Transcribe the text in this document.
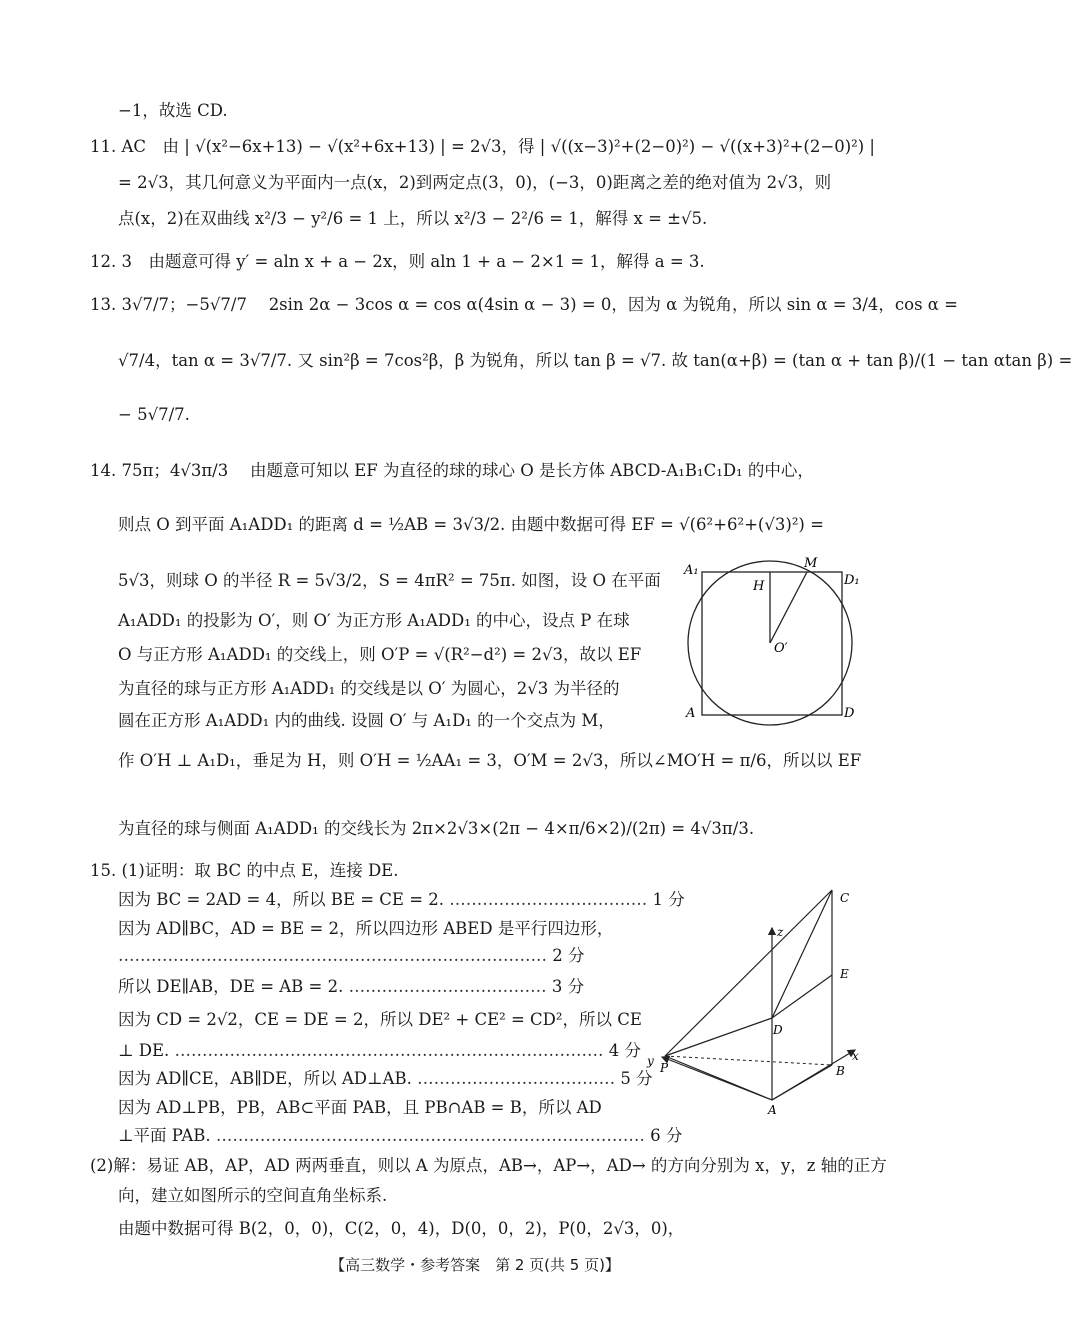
−1，故选 CD.
11. AC　由 | √(x²−6x+13) − √(x²+6x+13) | = 2√3，得 | √((x−3)²+(2−0)²) − √((x+3)²+(2−0)²) |
= 2√3，其几何意义为平面内一点(x，2)到两定点(3，0)，(−3，0)距离之差的绝对值为 2√3，则
点(x，2)在双曲线 x²/3 − y²/6 = 1 上，所以 x²/3 − 2²/6 = 1，解得 x = ±√5.
12. 3　由题意可得 y′ = aln x + a − 2x，则 aln 1 + a − 2×1 = 1，解得 a = 3.
13. 3√7/7；−5√7/7　 2sin 2α − 3cos α = cos α(4sin α − 3) = 0，因为 α 为锐角，所以 sin α = 3/4，cos α =
√7/4，tan α = 3√7/7. 又 sin²β = 7cos²β，β 为锐角，所以 tan β = √7. 故 tan(α+β) = (tan α + tan β)/(1 − tan αtan β) =
− 5√7/7.
14. 75π；4√3π/3　 由题意可知以 EF 为直径的球的球心 O 是长方体 ABCD-A₁B₁C₁D₁ 的中心，
则点 O 到平面 A₁ADD₁ 的距离 d = ½AB = 3√3/2. 由题中数据可得 EF = √(6²+6²+(√3)²) =
5√3，则球 O 的半径 R = 5√3/2，S = 4πR² = 75π. 如图，设 O 在平面
A₁ADD₁ 的投影为 O′，则 O′ 为正方形 A₁ADD₁ 的中心，设点 P 在球
O 与正方形 A₁ADD₁ 的交线上，则 O′P = √(R²−d²) = 2√3，故以 EF
为直径的球与正方形 A₁ADD₁ 的交线是以 O′ 为圆心，2√3 为半径的
圆在正方形 A₁ADD₁ 内的曲线. 设圆 O′ 与 A₁D₁ 的一个交点为 M，
作 O′H ⊥ A₁D₁，垂足为 H，则 O′H = ½AA₁ = 3，O′M = 2√3，所以∠MO′H = π/6，所以以 EF
为直径的球与侧面 A₁ADD₁ 的交线长为 2π×2√3×(2π − 4×π/6×2)/(2π) = 4√3π/3.
A₁	M
D₁
H
O′
A	D
15. (1)证明：取 BC 的中点 E，连接 DE.
因为 BC = 2AD = 4，所以 BE = CE = 2. ……………………………… 1 分
因为 AD∥BC，AD = BE = 2，所以四边形 ABED 是平行四边形，
…………………………………………………………………… 2 分
所以 DE∥AB，DE = AB = 2. ……………………………… 3 分
因为 CD = 2√2，CE = DE = 2，所以 DE² + CE² = CD²，所以 CE
⊥ DE. …………………………………………………………………… 4 分
因为 AD∥CE，AB∥DE，所以 AD⊥AB. ……………………………… 5 分
因为 AD⊥PB，PB，AB⊂平面 PAB，且 PB∩AB = B，所以 AD
⊥平面 PAB. …………………………………………………………………… 6 分
(2)解：易证 AB，AP，AD 两两垂直，则以 A 为原点，AB→，AP→，AD→ 的方向分别为 x，y，z 轴的正方
向，建立如图所示的空间直角坐标系.
由题中数据可得 B(2，0，0)，C(2，0，4)，D(0，0，2)，P(0，2√3，0)，
C
z
E
D
y P
x
B
A
【高三数学・参考答案　第 2 页(共 5 页)】
